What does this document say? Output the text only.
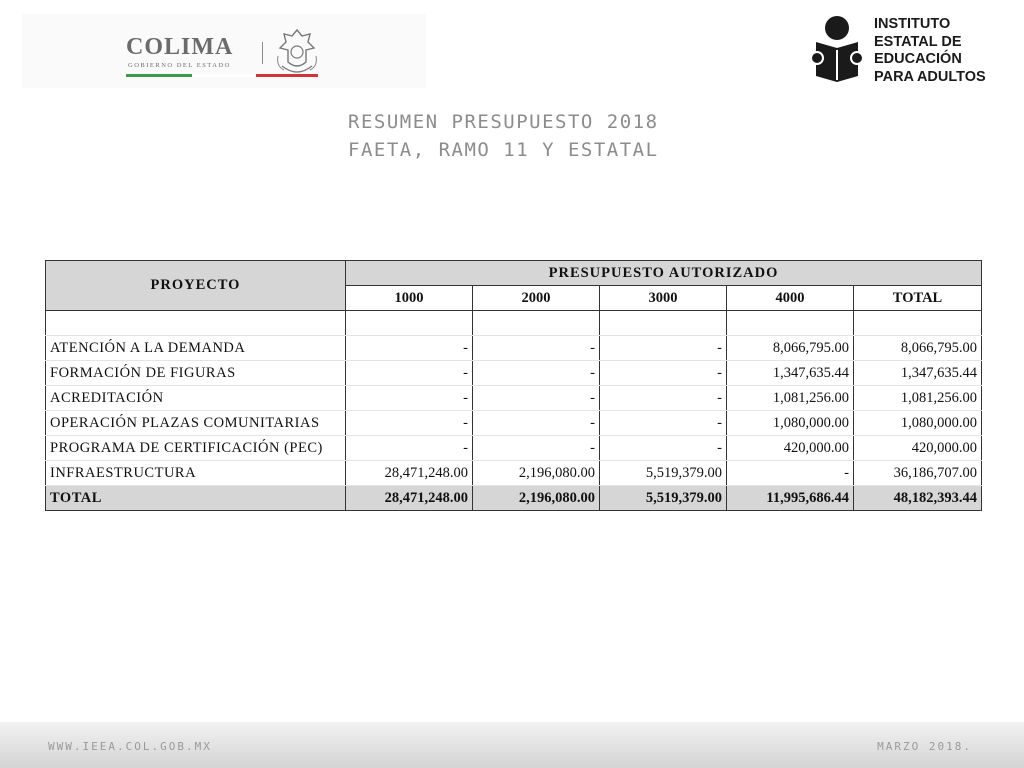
COLIMA
GOBIERNO DEL ESTADO
INSTITUTO
ESTATAL DE
EDUCACIÓN
PARA ADULTOS
RESUMEN PRESUPUESTO 2018
FAETA, RAMO 11 Y ESTATAL
PROYECTO	PRESUPUESTO AUTORIZADO				
	1000	2000	3000	4000	TOTAL

ATENCIÓN A LA DEMANDA	-	-	-	8,066,795.00	8,066,795.00
FORMACIÓN DE FIGURAS	-	-	-	1,347,635.44	1,347,635.44
ACREDITACIÓN	-	-	-	1,081,256.00	1,081,256.00
OPERACIÓN PLAZAS COMUNITARIAS	-	-	-	1,080,000.00	1,080,000.00
PROGRAMA DE CERTIFICACIÓN (PEC)	-	-	-	420,000.00	420,000.00
INFRAESTRUCTURA	28,471,248.00	2,196,080.00	5,519,379.00	-	36,186,707.00
TOTAL	28,471,248.00	2,196,080.00	5,519,379.00	11,995,686.44	48,182,393.44
WWW.IEEA.COL.GOB.MX	MARZO 2018.
